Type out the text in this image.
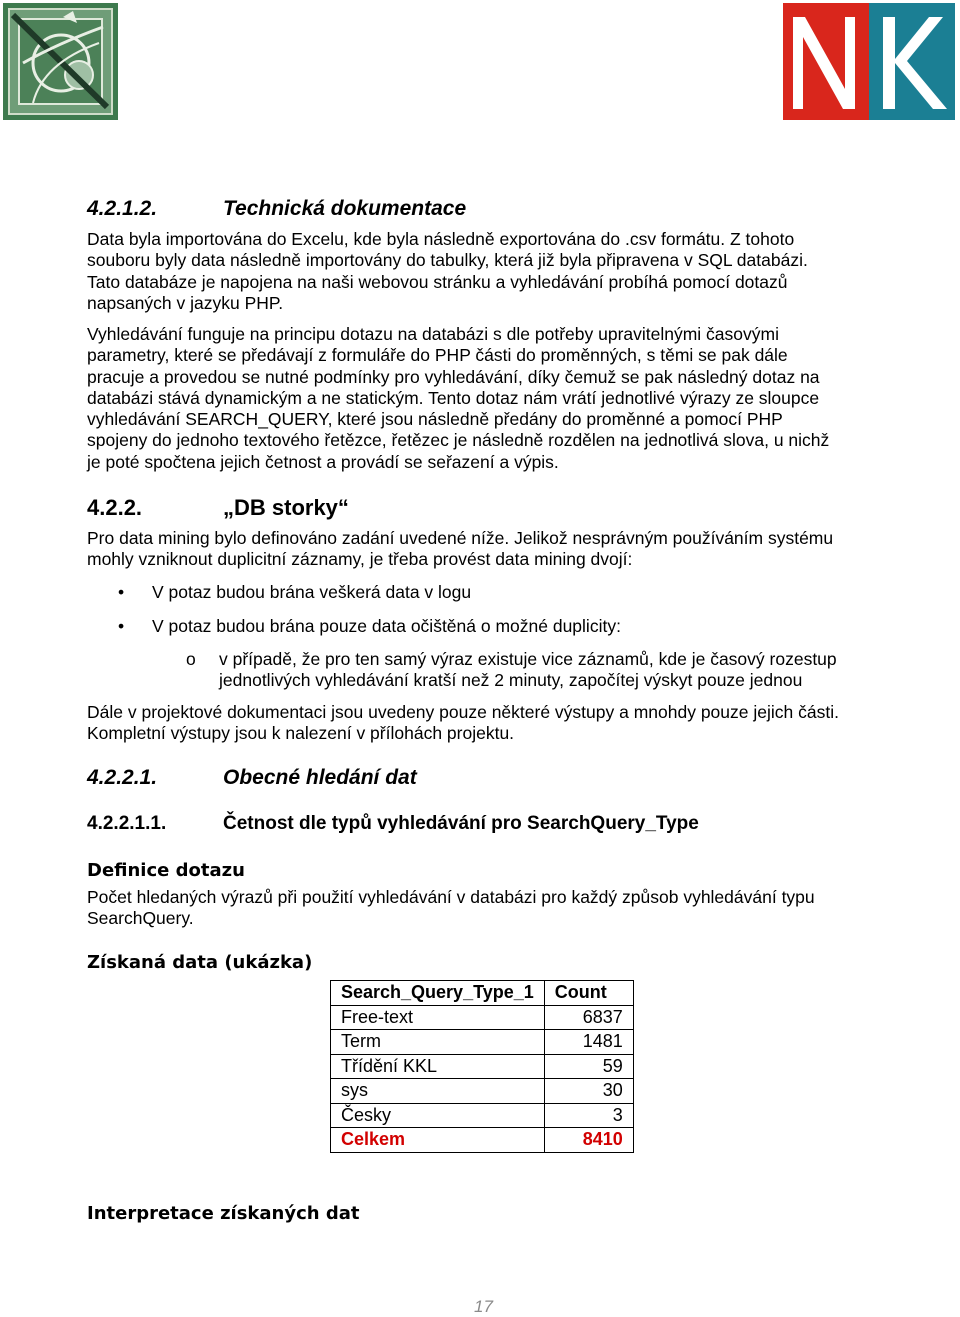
4.2.1.2.	Technická dokumentace
Data byla importována do Excelu, kde byla následně exportována do .csv formátu. Z tohoto
souboru byly data následně importovány do tabulky, která již byla připravena v SQL databázi.
Tato databáze je napojena na naši webovou stránku a vyhledávání probíhá pomocí dotazů
napsaných v jazyku PHP.
Vyhledávání funguje na principu dotazu na databázi s dle potřeby upravitelnými časovými
parametry, které se předávají z formuláře do PHP části do proměnných, s těmi se pak dále
pracuje a provedou se nutné podmínky pro vyhledávání, díky čemuž se pak následný dotaz na
databázi stává dynamickým a ne statickým. Tento dotaz nám vrátí jednotlivé výrazy ze sloupce
vyhledávání SEARCH_QUERY, které jsou následně předány do proměnné a pomocí PHP
spojeny do jednoho textového řetězce, řetězec je následně rozdělen na jednotlivá slova, u nichž
je poté spočtena jejich četnost a provádí se seřazení a výpis.
4.2.2.	„DB storky“
Pro data mining bylo definováno zadání uvedené níže. Jelikož nesprávným používáním systému
mohly vzniknout duplicitní záznamy, je třeba provést data mining dvojí:
• V potaz budou brána veškerá data v logu
• V potaz budou brána pouze data očištěná o možné duplicity:
o v případě, že pro ten samý výraz existuje vice záznamů, kde je časový rozestup
jednotlivých vyhledávání kratší než 2 minuty, započítej výskyt pouze jednou
Dále v projektové dokumentaci jsou uvedeny pouze některé výstupy a mnohdy pouze jejich části.
Kompletní výstupy jsou k nalezení v přílohách projektu.
4.2.2.1.	Obecné hledání dat
4.2.2.1.1.	Četnost dle typů vyhledávání pro SearchQuery_Type
Definice dotazu
Počet hledaných výrazů při použití vyhledávání v databázi pro každý způsob vyhledávání typu
SearchQuery.
Získaná data (ukázka)
Search_Query_Type_1	Count
Free-text	6837
Term	1481
Třídění KKL	59
sys	30
Česky	3
Celkem	8410
Interpretace získaných dat
17
